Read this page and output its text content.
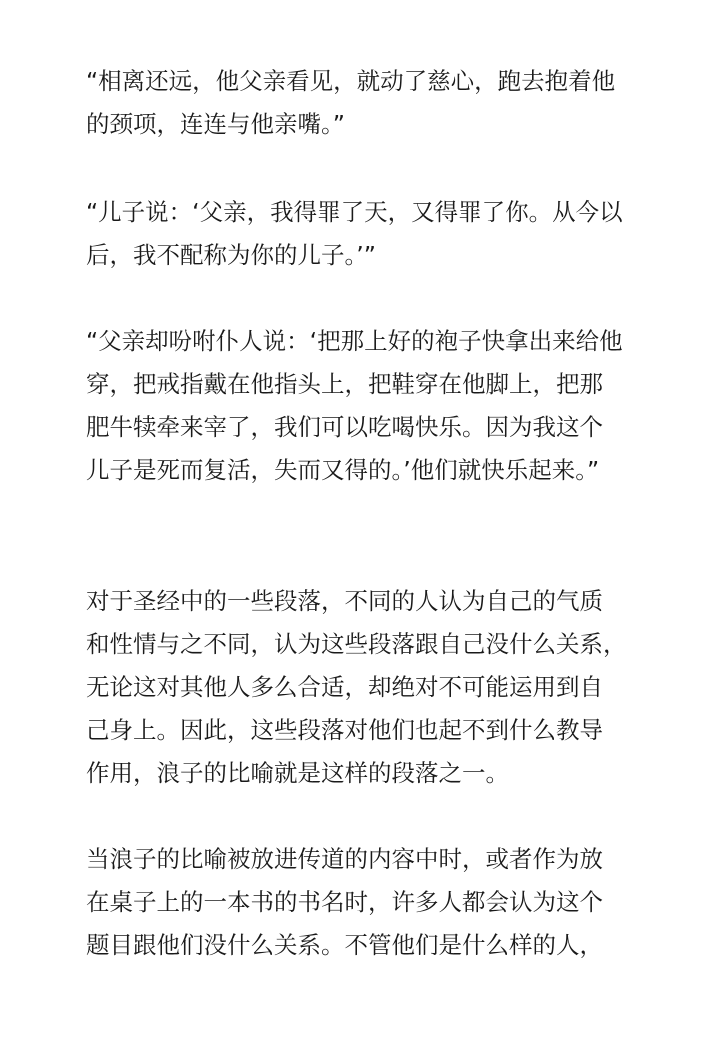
“相离还远，他父亲看见，就动了慈心，跑去抱着他
的颈项，连连与他亲嘴。”

“儿子说：‘父亲，我得罪了天，又得罪了你。从今以
后，我不配称为你的儿子。’”

“父亲却吩咐仆人说：‘把那上好的袍子快拿出来给他
穿，把戒指戴在他指头上，把鞋穿在他脚上，把那
肥牛犊牵来宰了，我们可以吃喝快乐。因为我这个
儿子是死而复活，失而又得的。’他们就快乐起来。”

对于圣经中的一些段落，不同的人认为自己的气质
和性情与之不同，认为这些段落跟自己没什么关系，
无论这对其他人多么合适，却绝对不可能运用到自
己身上。因此，这些段落对他们也起不到什么教导
作用，浪子的比喻就是这样的段落之一。

当浪子的比喻被放进传道的内容中时，或者作为放
在桌子上的一本书的书名时，许多人都会认为这个
题目跟他们没什么关系。不管他们是什么样的人，
